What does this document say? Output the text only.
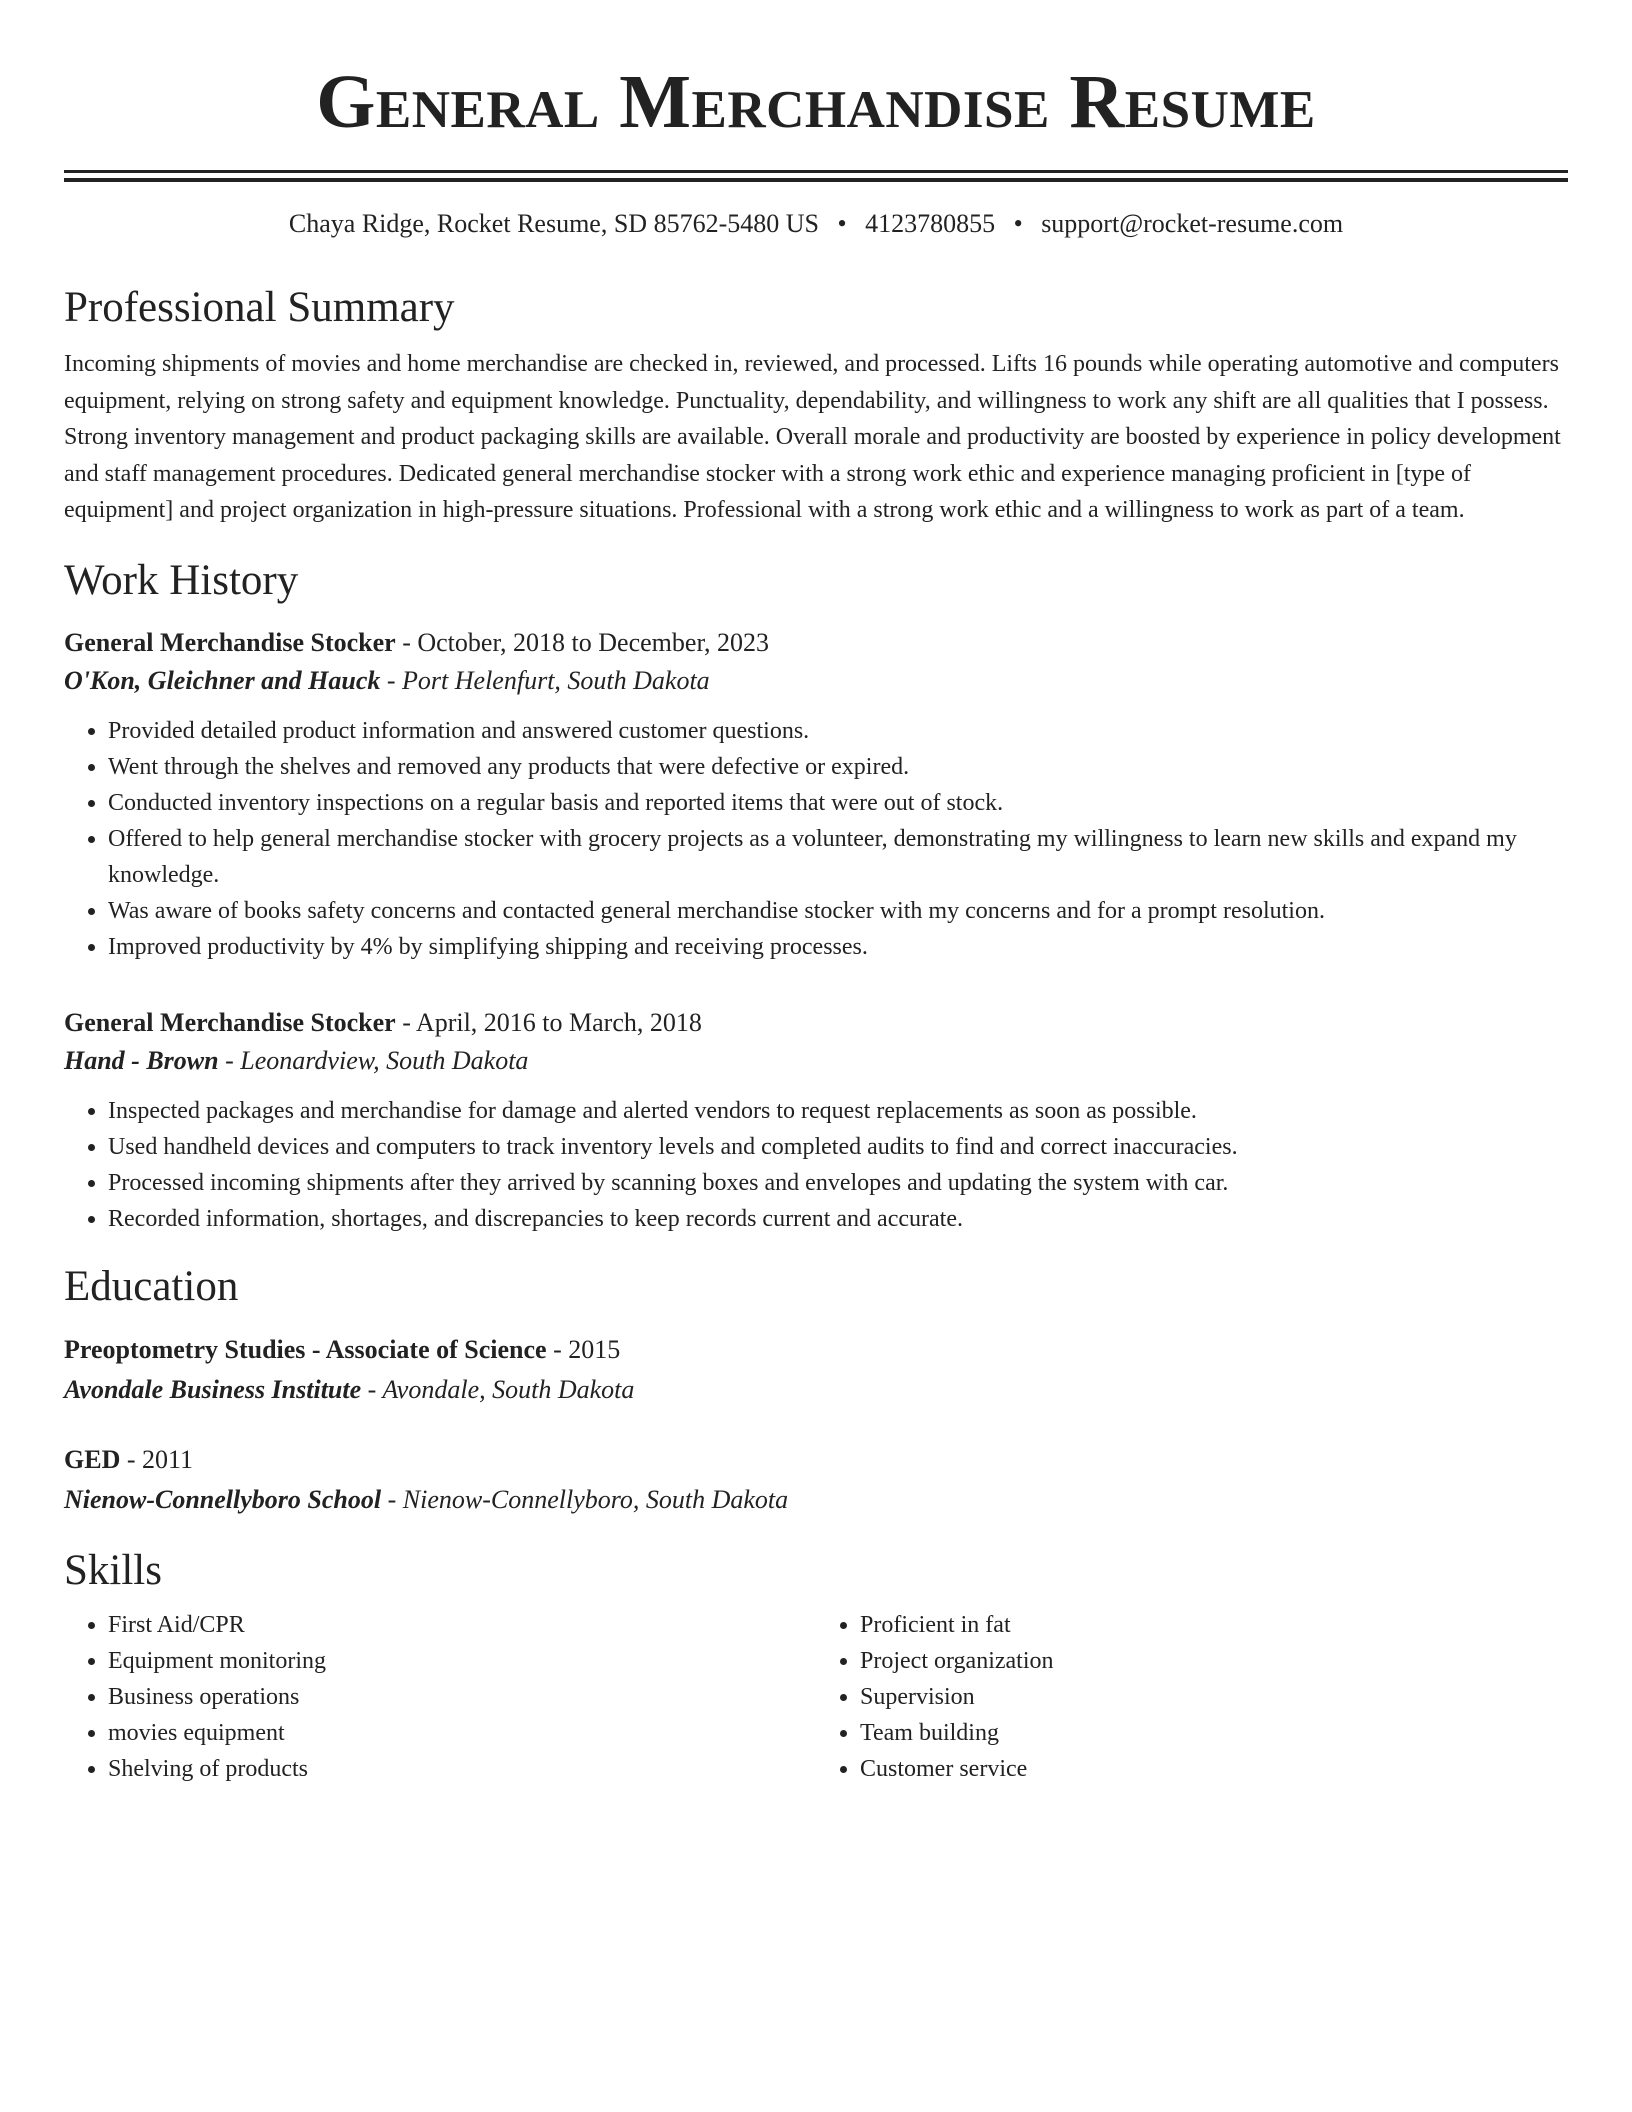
General Merchandise Resume
Chaya Ridge, Rocket Resume, SD 85762-5480 US • 4123780855 • support@rocket-resume.com
Professional Summary
Incoming shipments of movies and home merchandise are checked in, reviewed, and processed. Lifts 16 pounds while operating automotive and computers equipment, relying on strong safety and equipment knowledge. Punctuality, dependability, and willingness to work any shift are all qualities that I possess. Strong inventory management and product packaging skills are available. Overall morale and productivity are boosted by experience in policy development and staff management procedures. Dedicated general merchandise stocker with a strong work ethic and experience managing proficient in [type of equipment] and project organization in high-pressure situations. Professional with a strong work ethic and a willingness to work as part of a team.
Work History
General Merchandise Stocker - October, 2018 to December, 2023
O'Kon, Gleichner and Hauck - Port Helenfurt, South Dakota
• Provided detailed product information and answered customer questions.
• Went through the shelves and removed any products that were defective or expired.
• Conducted inventory inspections on a regular basis and reported items that were out of stock.
• Offered to help general merchandise stocker with grocery projects as a volunteer, demonstrating my willingness to learn new skills and expand my knowledge.
• Was aware of books safety concerns and contacted general merchandise stocker with my concerns and for a prompt resolution.
• Improved productivity by 4% by simplifying shipping and receiving processes.
General Merchandise Stocker - April, 2016 to March, 2018
Hand - Brown - Leonardview, South Dakota
• Inspected packages and merchandise for damage and alerted vendors to request replacements as soon as possible.
• Used handheld devices and computers to track inventory levels and completed audits to find and correct inaccuracies.
• Processed incoming shipments after they arrived by scanning boxes and envelopes and updating the system with car.
• Recorded information, shortages, and discrepancies to keep records current and accurate.
Education
Preoptometry Studies - Associate of Science - 2015
Avondale Business Institute - Avondale, South Dakota
GED - 2011
Nienow-Connellyboro School - Nienow-Connellyboro, South Dakota
Skills
• First Aid/CPR
• Equipment monitoring
• Business operations
• movies equipment
• Shelving of products
• Proficient in fat
• Project organization
• Supervision
• Team building
• Customer service
